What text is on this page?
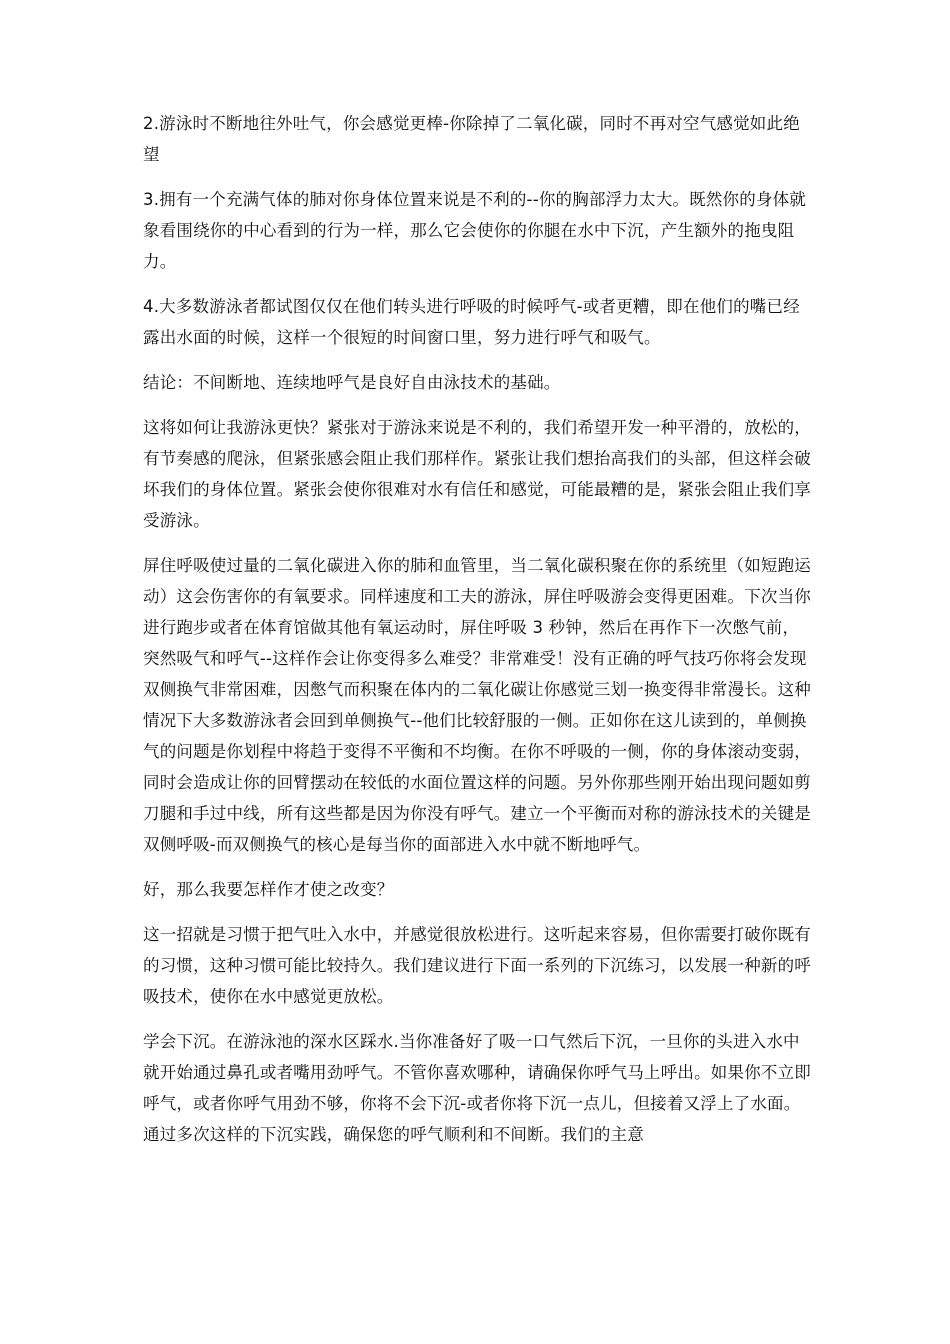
2.游泳时不断地往外吐气，你会感觉更棒-你除掉了二氧化碳，同时不再对空气感觉如此绝望

3.拥有一个充满气体的肺对你身体位置来说是不利的--你的胸部浮力太大。既然你的身体就象看围绕你的中心看到的行为一样，那么它会使你的你腿在水中下沉，产生额外的拖曳阻力。

4.大多数游泳者都试图仅仅在他们转头进行呼吸的时候呼气-或者更糟，即在他们的嘴已经露出水面的时候，这样一个很短的时间窗口里，努力进行呼气和吸气。

结论：不间断地、连续地呼气是良好自由泳技术的基础。

这将如何让我游泳更快？紧张对于游泳来说是不利的，我们希望开发一种平滑的，放松的，有节奏感的爬泳，但紧张感会阻止我们那样作。紧张让我们想抬高我们的头部，但这样会破坏我们的身体位置。紧张会使你很难对水有信任和感觉，可能最糟的是，紧张会阻止我们享受游泳。

屏住呼吸使过量的二氧化碳进入你的肺和血管里，当二氧化碳积聚在你的系统里（如短跑运动）这会伤害你的有氧要求。同样速度和工夫的游泳，屏住呼吸游会变得更困难。下次当你进行跑步或者在体育馆做其他有氧运动时，屏住呼吸 3 秒钟，然后在再作下一次憋气前，突然吸气和呼气--这样作会让你变得多么难受？非常难受！没有正确的呼气技巧你将会发现双侧换气非常困难，因憋气而积聚在体内的二氧化碳让你感觉三划一换变得非常漫长。这种情况下大多数游泳者会回到单侧换气--他们比较舒服的一侧。正如你在这儿读到的，单侧换气的问题是你划程中将趋于变得不平衡和不均衡。在你不呼吸的一侧，你的身体滚动变弱，同时会造成让你的回臂摆动在较低的水面位置这样的问题。另外你那些刚开始出现问题如剪刀腿和手过中线，所有这些都是因为你没有呼气。建立一个平衡而对称的游泳技术的关键是双侧呼吸-而双侧换气的核心是每当你的面部进入水中就不断地呼气。

好，那么我要怎样作才使之改变？

这一招就是习惯于把气吐入水中，并感觉很放松进行。这听起来容易，但你需要打破你既有的习惯，这种习惯可能比较持久。我们建议进行下面一系列的下沉练习，以发展一种新的呼吸技术，使你在水中感觉更放松。

学会下沉。在游泳池的深水区踩水.当你准备好了吸一口气然后下沉，一旦你的头进入水中就开始通过鼻孔或者嘴用劲呼气。不管你喜欢哪种，请确保你呼气马上呼出。如果你不立即呼气，或者你呼气用劲不够，你将不会下沉-或者你将下沉一点儿，但接着又浮上了水面。通过多次这样的下沉实践，确保您的呼气顺利和不间断。我们的主意
